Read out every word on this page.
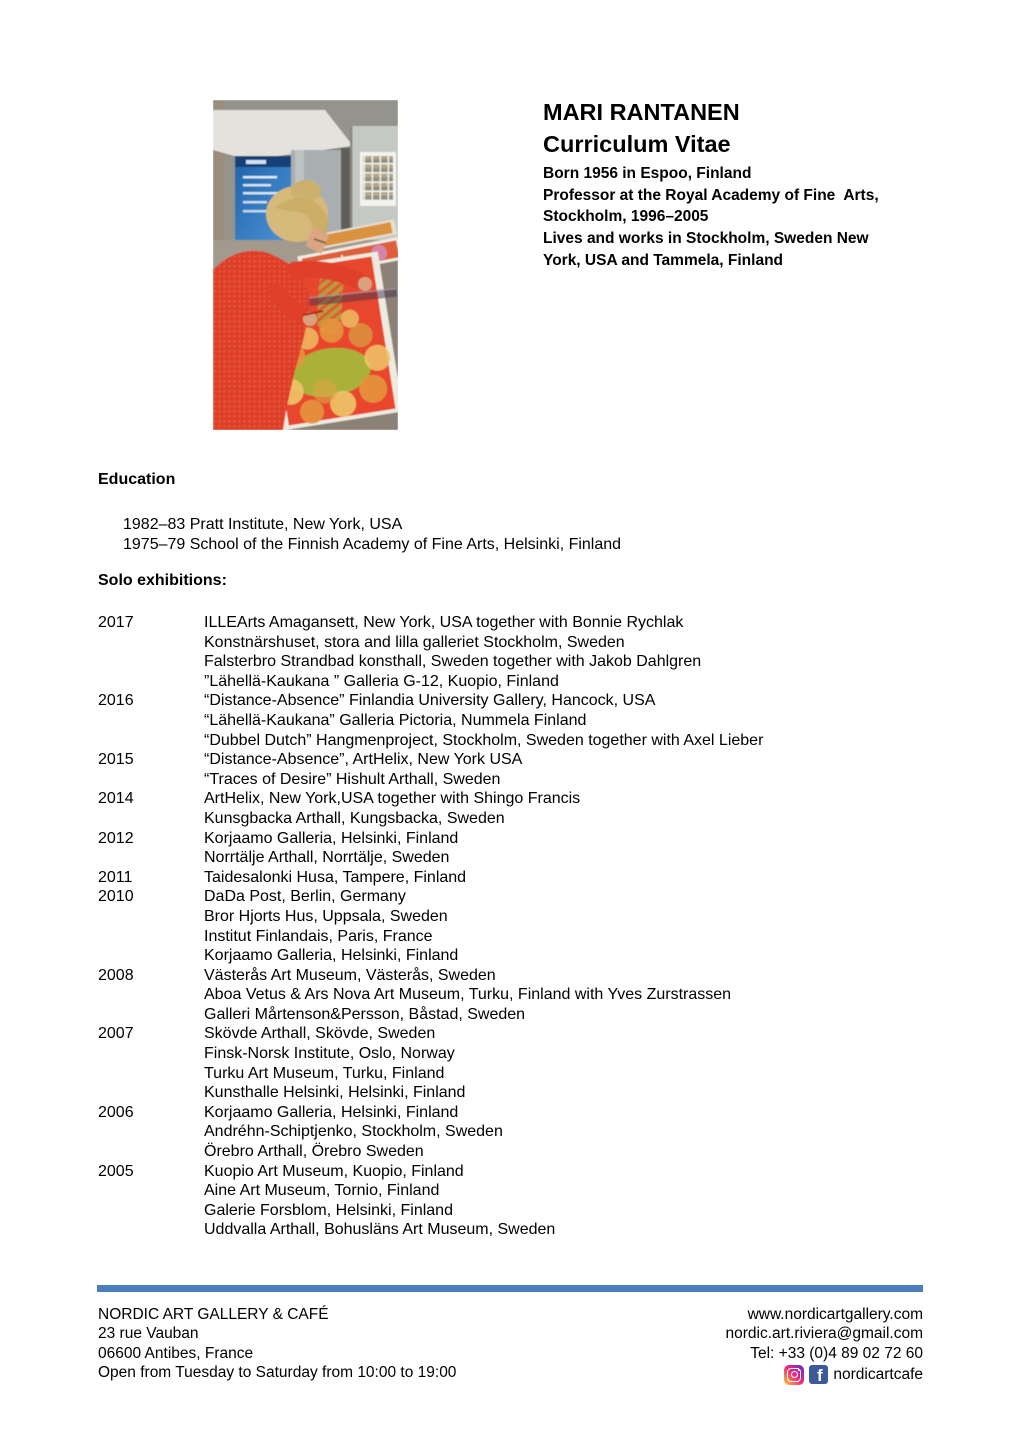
MARI RANTANEN
Curriculum Vitae
Born 1956 in Espoo, Finland
Professor at the Royal Academy of Fine  Arts,
Stockholm, 1996–2005
Lives and works in Stockholm, Sweden New
York, USA and Tammela, Finland
Education
1982–83 Pratt Institute, New York, USA
1975–79 School of the Finnish Academy of Fine Arts, Helsinki, Finland
Solo exhibitions:
2017	ILLEArts Amagansett, New York, USA together with Bonnie Rychlak
Konstnärshuset, stora and lilla galleriet Stockholm, Sweden
Falsterbro Strandbad konsthall, Sweden together with Jakob Dahlgren
”Lähellä-Kaukana ” Galleria G-12, Kuopio, Finland
2016	“Distance-Absence” Finlandia University Gallery, Hancock, USA
“Lähellä-Kaukana” Galleria Pictoria, Nummela Finland
“Dubbel Dutch” Hangmenproject, Stockholm, Sweden together with Axel Lieber
2015	“Distance-Absence”, ArtHelix, New York USA
“Traces of Desire” Hishult Arthall, Sweden
2014	ArtHelix, New York,USA together with Shingo Francis
Kunsgbacka Arthall, Kungsbacka, Sweden
2012	Korjaamo Galleria, Helsinki, Finland
Norrtälje Arthall, Norrtälje, Sweden
2011	Taidesalonki Husa, Tampere, Finland
2010	DaDa Post, Berlin, Germany
Bror Hjorts Hus, Uppsala, Sweden
Institut Finlandais, Paris, France
Korjaamo Galleria, Helsinki, Finland
2008	Västerås Art Museum, Västerås, Sweden
Aboa Vetus & Ars Nova Art Museum, Turku, Finland with Yves Zurstrassen
Galleri Mårtenson&Persson, Båstad, Sweden
2007	Skövde Arthall, Skövde, Sweden
Finsk-Norsk Institute, Oslo, Norway
Turku Art Museum, Turku, Finland
Kunsthalle Helsinki, Helsinki, Finland
2006	Korjaamo Galleria, Helsinki, Finland
Andréhn-Schiptjenko, Stockholm, Sweden
Örebro Arthall, Örebro Sweden
2005	Kuopio Art Museum, Kuopio, Finland
Aine Art Museum, Tornio, Finland
Galerie Forsblom, Helsinki, Finland
Uddvalla Arthall, Bohusläns Art Museum, Sweden
NORDIC ART GALLERY & CAFÉ
23 rue Vauban
06600 Antibes, France
Open from Tuesday to Saturday from 10:00 to 19:00
www.nordicartgallery.com
nordic.art.riviera@gmail.com
Tel: +33 (0)4 89 02 72 60
f nordicartcafe
